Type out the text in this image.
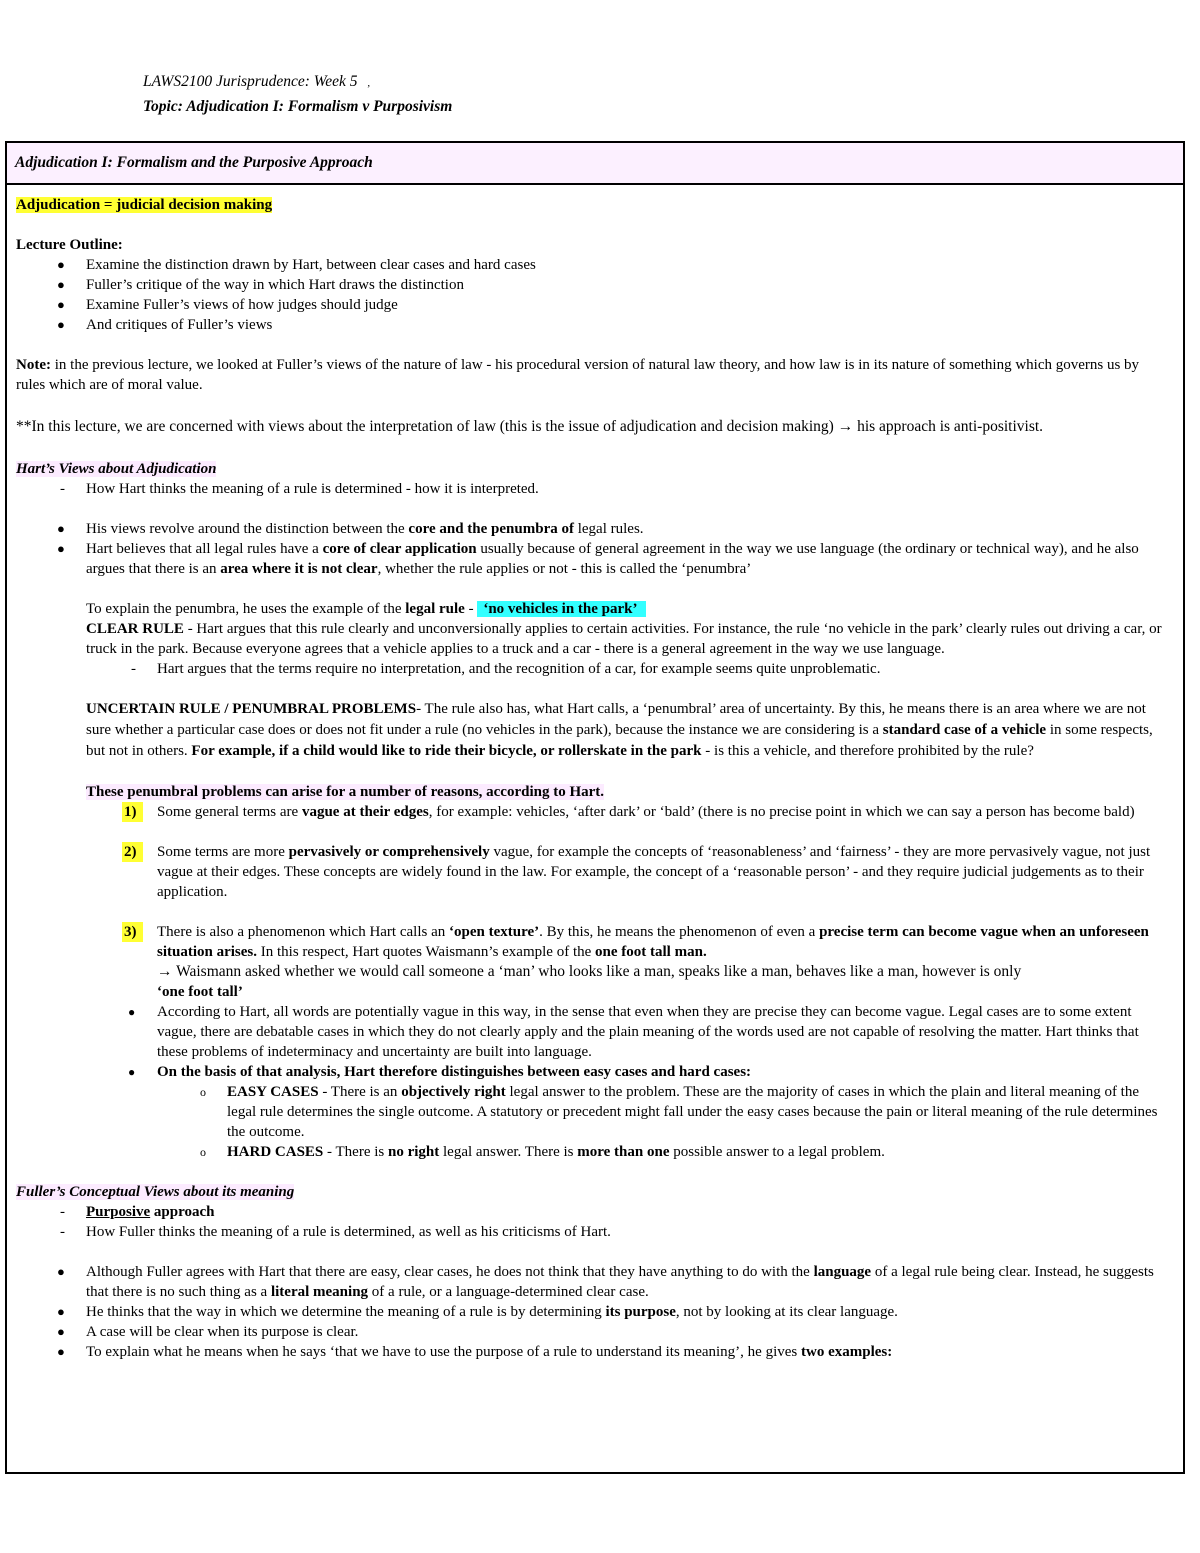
LAWS2100 Jurisprudence: Week 5 ,
Topic: Adjudication I: Formalism v Purposivism
Adjudication I: Formalism and the Purposive Approach

Adjudication = judicial decision making

Lecture Outline:

● Examine the distinction drawn by Hart, between clear cases and hard cases
● Fuller’s critique of the way in which Hart draws the distinction
● Examine Fuller’s views of how judges should judge
● And critiques of Fuller’s views

Note: in the previous lecture, we looked at Fuller’s views of the nature of law - his procedural version of natural law theory, and how law is in its nature of something which governs us by rules which are of moral value.

**In this lecture, we are concerned with views about the interpretation of law (this is the issue of adjudication and decision making) → his approach is anti-positivist.

Hart’s Views about Adjudication

- How Hart thinks the meaning of a rule is determined - how it is interpreted.
● His views revolve around the distinction between the core and the penumbra of legal rules.
● Hart believes that all legal rules have a core of clear application usually because of general agreement in the way we use language (the ordinary or technical way), and he also argues that there is an area where it is not clear, whether the rule applies or not - this is called the ‘penumbra’

To explain the penumbra, he uses the example of the legal rule - ‘no vehicles in the park’

CLEAR RULE - Hart argues that this rule clearly and unconversionally applies to certain activities. For instance, the rule ‘no vehicle in the park’ clearly rules out driving a car, or truck in the park. Because everyone agrees that a vehicle applies to a truck and a car - there is a general agreement in the way we use language.

- Hart argues that the terms require no interpretation, and the recognition of a car, for example seems quite unproblematic.

UNCERTAIN RULE / PENUMBRAL PROBLEMS- The rule also has, what Hart calls, a ‘penumbral’ area of uncertainty. By this, he means there is an area where we are not sure whether a particular case does or does not fit under a rule (no vehicles in the park), because the instance we are considering is a standard case of a vehicle in some respects, but not in others. For example, if a child would like to ride their bicycle, or rollerskate in the park - is this a vehicle, and therefore prohibited by the rule?

These penumbral problems can arise for a number of reasons, according to Hart.

1)	Some general terms are vague at their edges, for example: vehicles, ‘after dark’ or ‘bald’ (there is no precise point in which we can say a person has become bald)
2)	Some terms are more pervasively or comprehensively vague, for example the concepts of ‘reasonableness’ and ‘fairness’ - they are more pervasively vague, not just vague at their edges. These concepts are widely found in the law. For example, the concept of a ‘reasonable person’ - and they require judicial judgements as to their application.
3)	There is also a phenomenon which Hart calls an ‘open texture’. By this, he means the phenomenon of even a precise term can become vague when an unforeseen situation arises. In this respect, Hart quotes Waismann’s example of the one foot tall man.
→ Waismann asked whether we would call someone a ‘man’ who looks like a man, speaks like a man, behaves like a man, however is only
‘one foot tall’
● According to Hart, all words are potentially vague in this way, in the sense that even when they are precise they can become vague. Legal cases are to some extent vague, there are debatable cases in which they do not clearly apply and the plain meaning of the words used are not capable of resolving the matter. Hart thinks that these problems of indeterminacy and uncertainty are built into language.
● On the basis of that analysis, Hart therefore distinguishes between easy cases and hard cases:
o EASY CASES - There is an objectively right legal answer to the problem. These are the majority of cases in which the plain and literal meaning of the legal rule determines the single outcome. A statutory or precedent might fall under the easy cases because the pain or literal meaning of the rule determines the outcome.
o HARD CASES - There is no right legal answer. There is more than one possible answer to a legal problem.

Fuller’s Conceptual Views about its meaning

- Purposive approach
- How Fuller thinks the meaning of a rule is determined, as well as his criticisms of Hart.
● Although Fuller agrees with Hart that there are easy, clear cases, he does not think that they have anything to do with the language of a legal rule being clear. Instead, he suggests that there is no such thing as a literal meaning of a rule, or a language-determined clear case.
● He thinks that the way in which we determine the meaning of a rule is by determining its purpose, not by looking at its clear language.
● A case will be clear when its purpose is clear.
● To explain what he means when he says ‘that we have to use the purpose of a rule to understand its meaning’, he gives two examples:
